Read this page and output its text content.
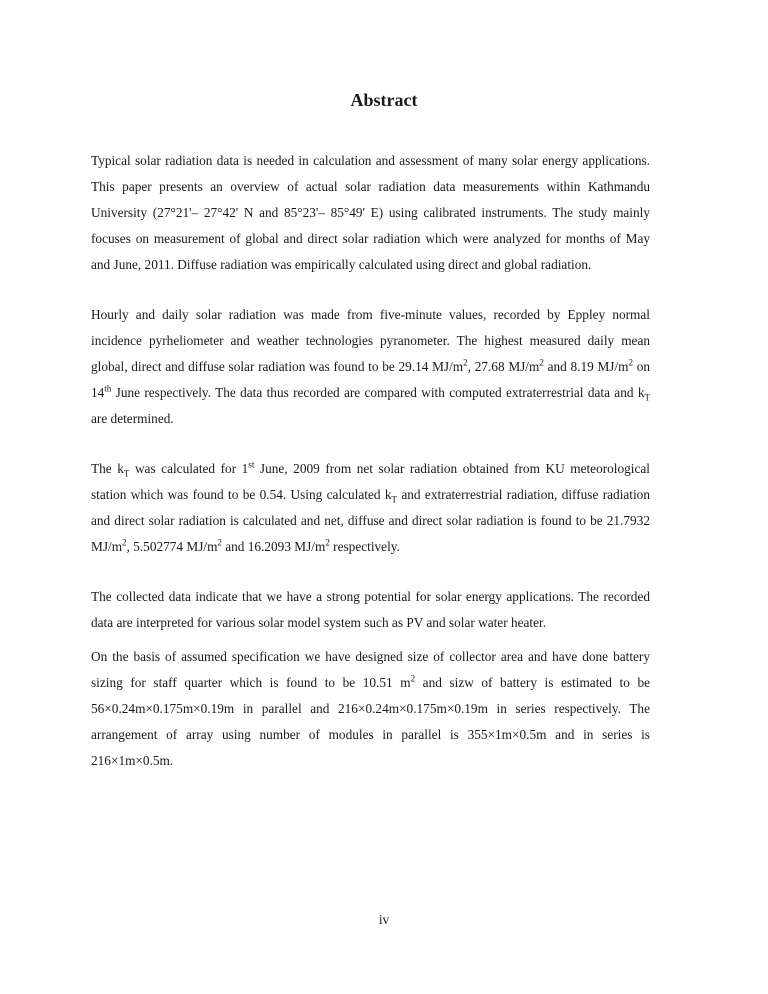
Abstract

Typical solar radiation data is needed in calculation and assessment of many solar energy applications. This paper presents an overview of actual solar radiation data measurements within Kathmandu University (27°21'– 27°42' N and 85°23'– 85°49' E) using calibrated instruments. The study mainly focuses on measurement of global and direct solar radiation which were analyzed for months of May and June, 2011. Diffuse radiation was empirically calculated using direct and global radiation.

Hourly and daily solar radiation was made from five-minute values, recorded by Eppley normal incidence pyrheliometer and weather technologies pyranometer. The highest measured daily mean global, direct and diffuse solar radiation was found to be 29.14 $MJ/m^2$, 27.68 $MJ/m^2$ and 8.19 $MJ/m^2$ on 14th June respectively. The data thus recorded are compared with computed extraterrestrial data and $k_T$ are determined.

The $k_T$ was calculated for 1st June, 2009 from net solar radiation obtained from KU meteorological station which was found to be 0.54. Using calculated $k_T$ and extraterrestrial radiation, diffuse radiation and direct solar radiation is calculated and net, diffuse and direct solar radiation is found to be 21.7932 $MJ/m^2$, 5.502774 $MJ/m^2$ and 16.2093 $MJ/m^2$ respectively.

The collected data indicate that we have a strong potential for solar energy applications. The recorded data are interpreted for various solar model system such as PV and solar water heater.

On the basis of assumed specification we have designed size of collector area and have done battery sizing for staff quarter which is found to be 10.51 $m^2$ and sizw of battery is estimated to be 56×0.24m×0.175m×0.19m in parallel and 216×0.24m×0.175m×0.19m in series respectively. The arrangement of array using number of modules in parallel is 355×1m×0.5m and in series is 216×1m×0.5m.

iv
